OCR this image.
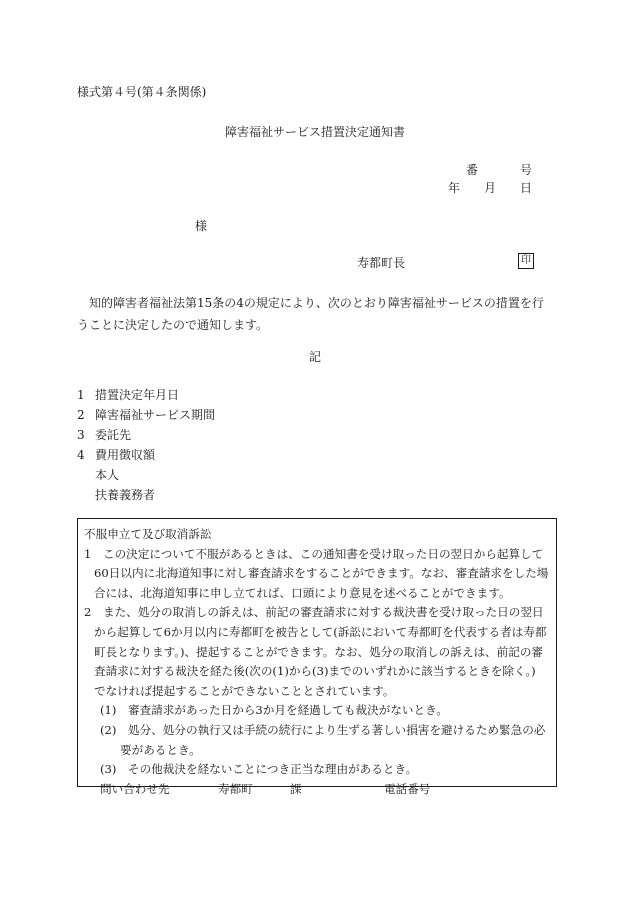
様式第４号(第４条関係)
障害福祉サービス措置決定通知書
番	号
年 月 日
様
寿都町長	印

知的障害者福祉法第15条の4の規定により、次のとおり障害福祉サービスの措置を行うことに決定したので通知します。

記
1 措置決定年月日
2 障害福祉サービス期間
3 委託先
4 費用徴収額
本人
扶養義務者
不服申立て及び取消訴訟
1　この決定について不服があるときは、この通知書を受け取った日の翌日から起算して
60日以内に北海道知事に対し審査請求をすることができます。なお、審査請求をした場
合には、北海道知事に申し立てれば、口頭により意見を述べることができます。
2　また、処分の取消しの訴えは、前記の審査請求に対する裁決書を受け取った日の翌日
から起算して6か月以内に寿都町を被告として(訴訟において寿都町を代表する者は寿都
町長となります。)、提起することができます。なお、処分の取消しの訴えは、前記の審
査請求に対する裁決を経た後(次の(1)から(3)までのいずれかに該当するときを除く。)
でなければ提起することができないこととされています。
(1)　審査請求があった日から3か月を経過しても裁決がないとき。
(2)　処分、処分の執行又は手続の続行により生ずる著しい損害を避けるため緊急の必
要があるとき。
(3)　その他裁決を経ないことにつき正当な理由があるとき。
問い合わせ先	寿都町	課	電話番号
